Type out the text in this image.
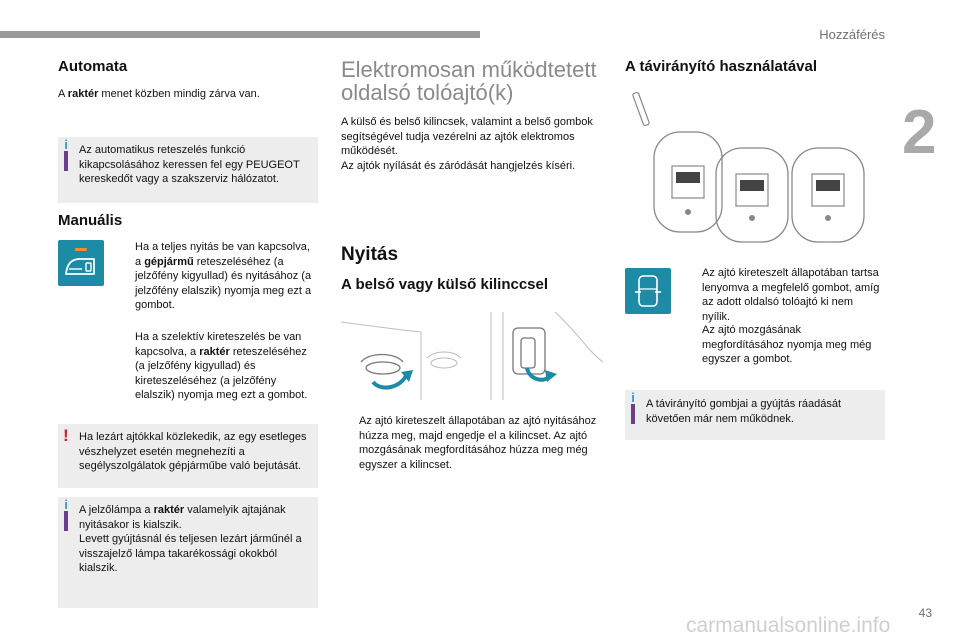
Hozzáférés
2
Automata

A raktér menet közben mindig zárva van.

i Az automatikus reteszelés funkció kikapcsolásához keressen fel egy PEUGEOT kereskedőt vagy a szakszerviz hálózatot.
Manuális
Ha a teljes nyitás be van kapcsolva, a gépjármű reteszeléséhez (a jelzőfény kigyullad) és nyitásához (a jelzőfény elalszik) nyomja meg ezt a gombot.
Ha a szelektív kireteszelés be van kapcsolva, a raktér reteszeléséhez (a jelzőfény kigyullad) és kireteszeléséhez (a jelzőfény elalszik) nyomja meg ezt a gombot.
! Ha lezárt ajtókkal közlekedik, az egy esetleges vészhelyzet esetén megnehezíti a segélyszolgálatok gépjárműbe való bejutását.
i A jelzőlámpa a raktér valamelyik ajtajának nyitásakor is kialszik.
Levett gyújtásnál és teljesen lezárt járműnél a visszajelző lámpa takarékossági okokból kialszik.
Elektromosan működtetett
oldalsó tolóajtó(k)

A külső és belső kilincsek, valamint a belső gombok segítségével tudja vezérelni az ajtók elektromos működését.
Az ajtók nyílását és záródását hangjelzés kíséri.

Nyitás
A belső vagy külső kilinccsel
Az ajtó kireteszelt állapotában az ajtó nyitásához húzza meg, majd engedje el a kilincset. Az ajtó mozgásának megfordításához húzza meg még egyszer a kilincset.
A távirányító használatával
Az ajtó kireteszelt állapotában tartsa lenyomva a megfelelő gombot, amíg az adott oldalsó tolóajtó ki nem nyílik.
Az ajtó mozgásának megfordításához nyomja meg még egyszer a gombot.
i A távirányító gombjai a gyújtás ráadását követően már nem működnek.
43
carmanualsonline.info
